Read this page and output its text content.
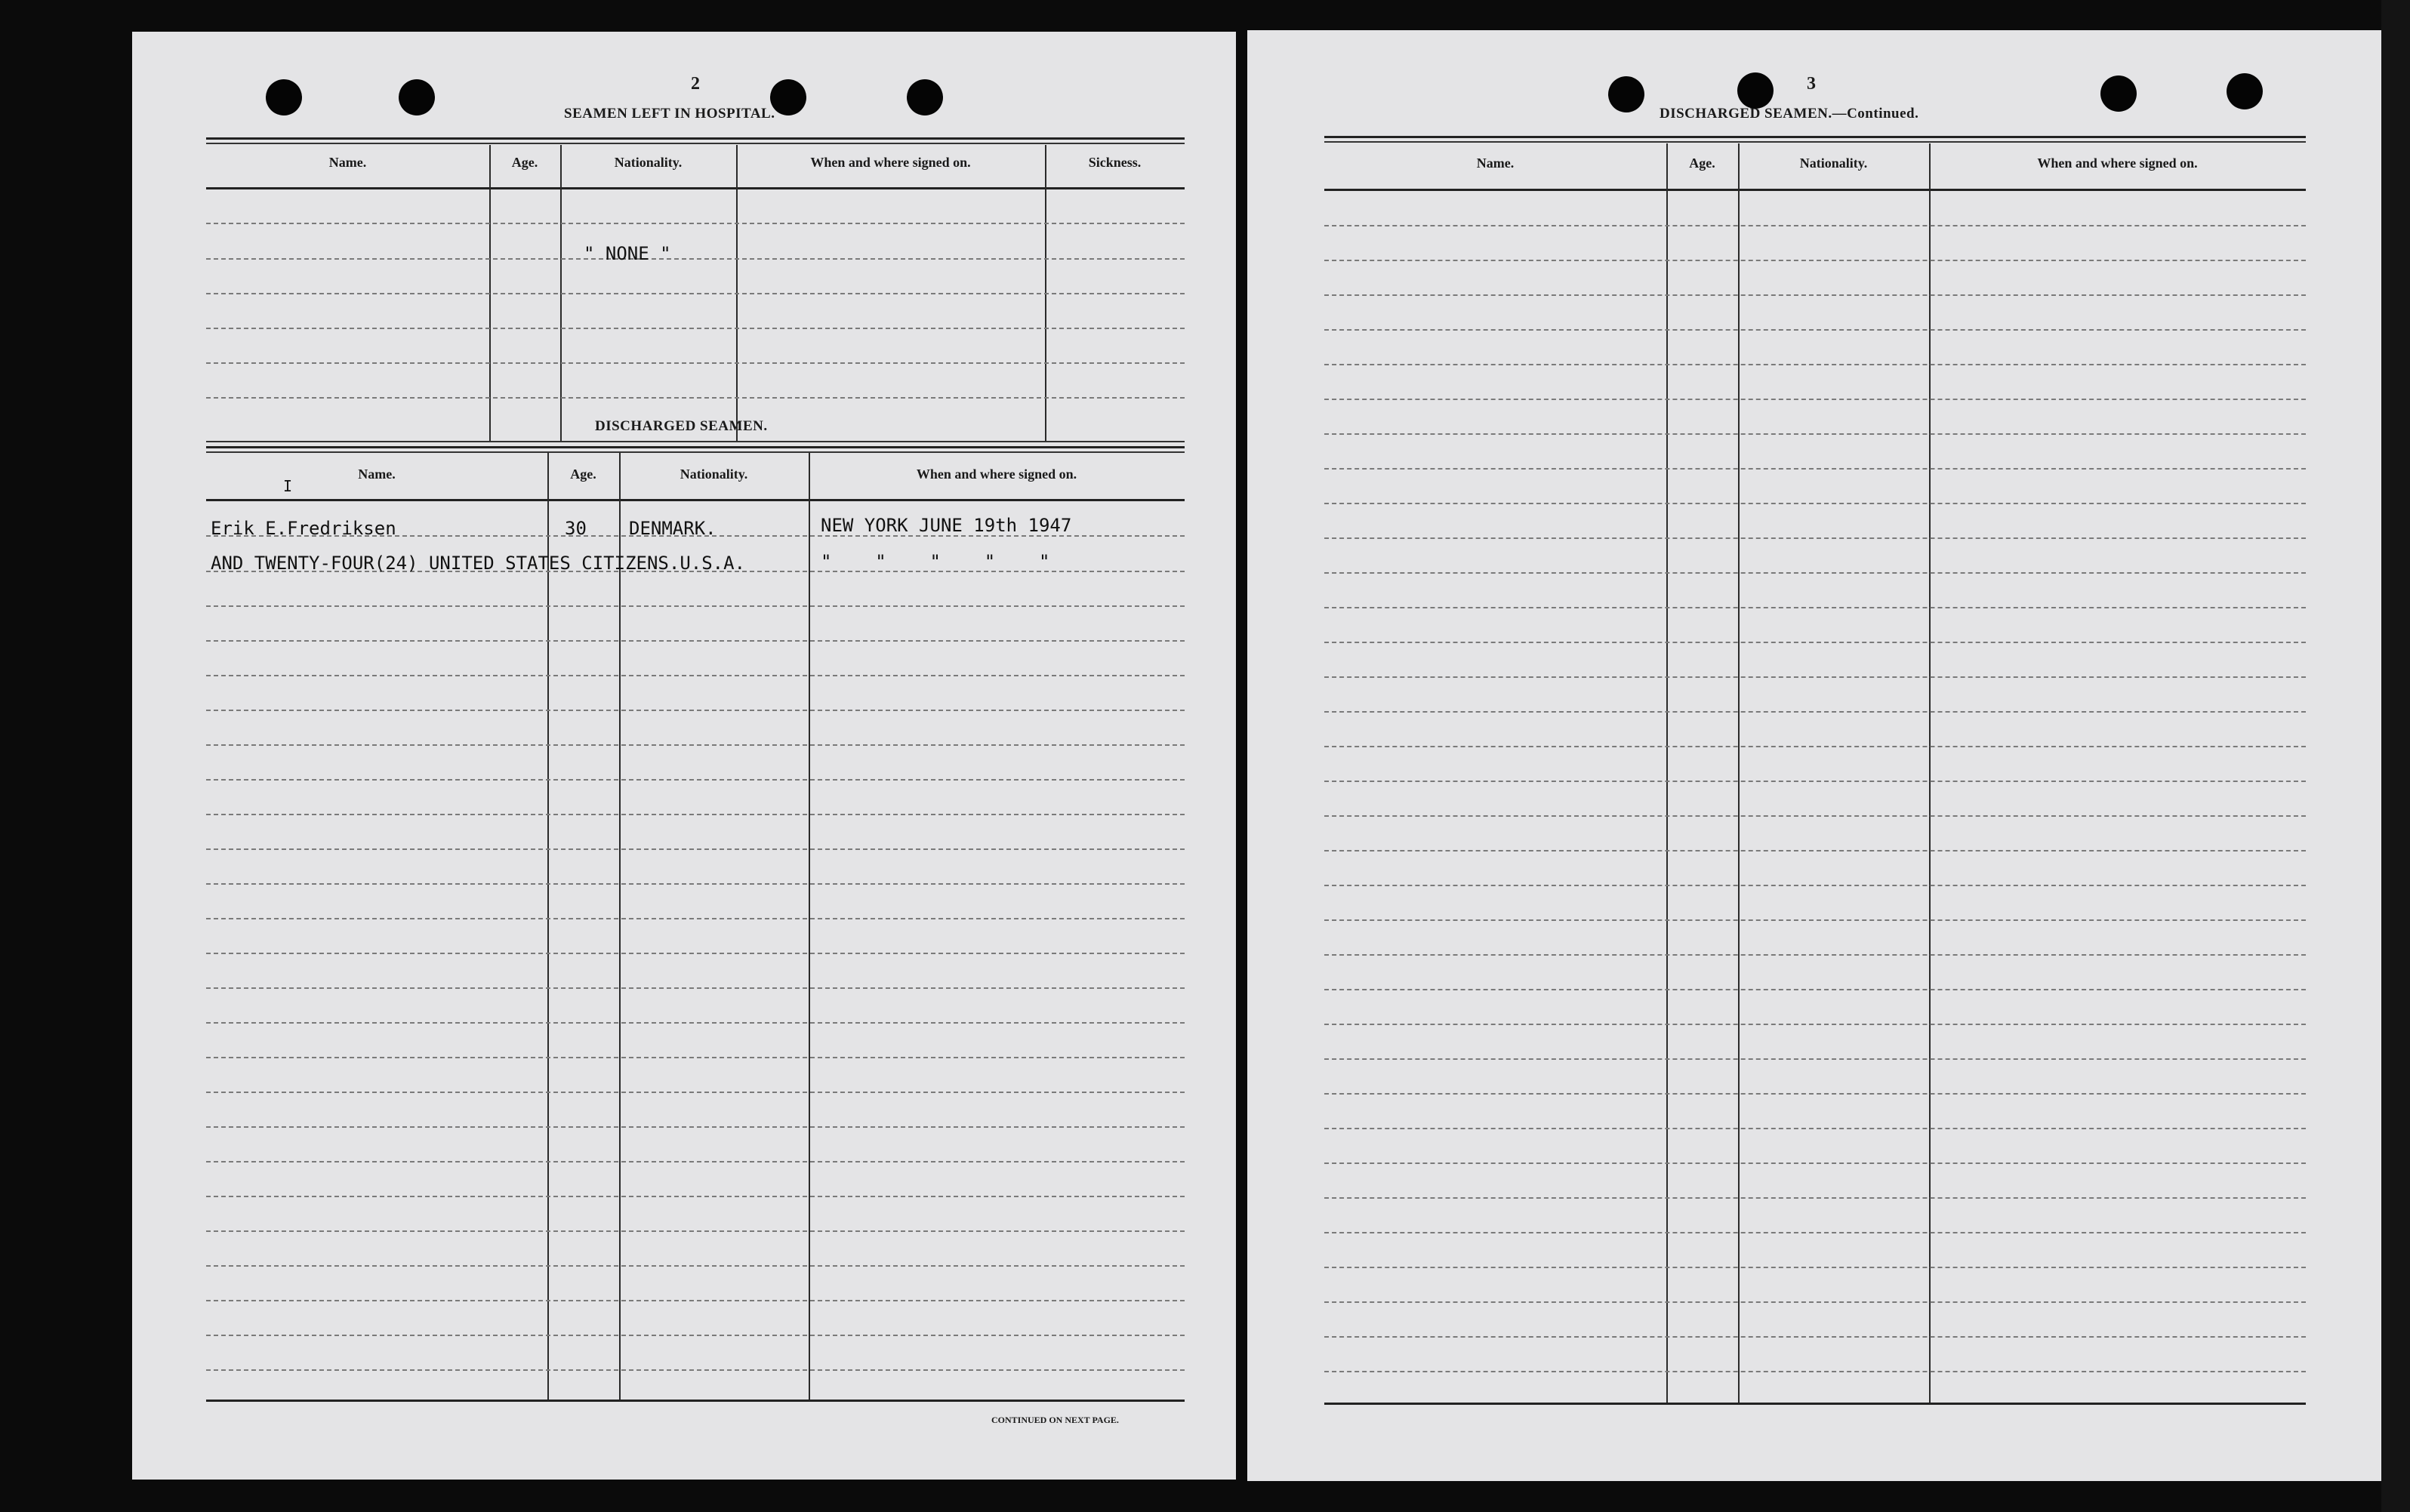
2
SEAMEN LEFT IN HOSPITAL.
Name.	Age.	Nationality.	When and where signed on.	Sickness.
" NONE "
DISCHARGED SEAMEN.
Name.	Age.	Nationality.	When and where signed on.
I
Erik E.Fredriksen	30 DENMARK.	NEW YORK JUNE 19th 1947
AND TWENTY-FOUR(24) UNITED STATES CITIZENS.U.S.A.	"    "    "    "    "
CONTINUED ON NEXT PAGE.
3
DISCHARGED SEAMEN.—Continued.
Name.	Age.	Nationality.	When and where signed on.
